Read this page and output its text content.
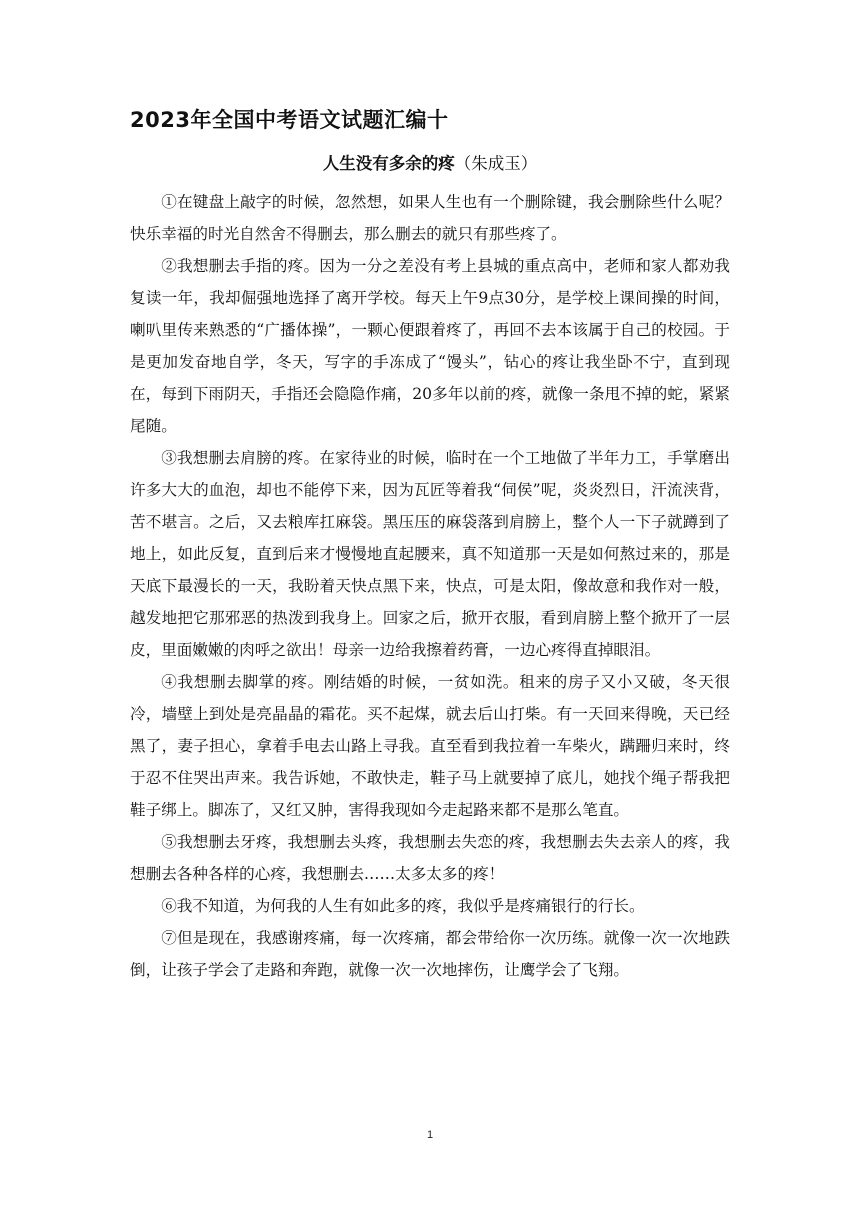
2023年全国中考语文试题汇编十
人生没有多余的疼（朱成玉）

①在键盘上敲字的时候，忽然想，如果人生也有一个删除键，我会删除些什么呢？快乐幸福的时光自然舍不得删去，那么删去的就只有那些疼了。

②我想删去手指的疼。因为一分之差没有考上县城的重点高中，老师和家人都劝我复读一年，我却倔强地选择了离开学校。每天上午9点30分，是学校上课间操的时间，喇叭里传来熟悉的“广播体操”，一颗心便跟着疼了，再回不去本该属于自己的校园。于是更加发奋地自学，冬天，写字的手冻成了“馒头”，钻心的疼让我坐卧不宁，直到现在，每到下雨阴天，手指还会隐隐作痛，20多年以前的疼，就像一条甩不掉的蛇，紧紧尾随。

③我想删去肩膀的疼。在家待业的时候，临时在一个工地做了半年力工，手掌磨出许多大大的血泡，却也不能停下来，因为瓦匠等着我“伺侯”呢，炎炎烈日，汗流浃背，苦不堪言。之后，又去粮库扛麻袋。黑压压的麻袋落到肩膀上，整个人一下子就蹲到了地上，如此反复，直到后来才慢慢地直起腰来，真不知道那一天是如何熬过来的，那是天底下最漫长的一天，我盼着天快点黑下来，快点，可是太阳，像故意和我作对一般，越发地把它那邪恶的热泼到我身上。回家之后，掀开衣服，看到肩膀上整个掀开了一层皮，里面嫩嫩的肉呼之欲出！母亲一边给我擦着药膏，一边心疼得直掉眼泪。

④我想删去脚掌的疼。刚结婚的时候，一贫如洗。租来的房子又小又破，冬天很冷，墙壁上到处是亮晶晶的霜花。买不起煤，就去后山打柴。有一天回来得晚，天已经黑了，妻子担心，拿着手电去山路上寻我。直至看到我拉着一车柴火，蹒跚归来时，终于忍不住哭出声来。我告诉她，不敢快走，鞋子马上就要掉了底儿，她找个绳子帮我把鞋子绑上。脚冻了，又红又肿，害得我现如今走起路来都不是那么笔直。

⑤我想删去牙疼，我想删去头疼，我想删去失恋的疼，我想删去失去亲人的疼，我想删去各种各样的心疼，我想删去……太多太多的疼！

⑥我不知道，为何我的人生有如此多的疼，我似乎是疼痛银行的行长。

⑦但是现在，我感谢疼痛，每一次疼痛，都会带给你一次历练。就像一次一次地跌倒，让孩子学会了走路和奔跑，就像一次一次地摔伤，让鹰学会了飞翔。

1
